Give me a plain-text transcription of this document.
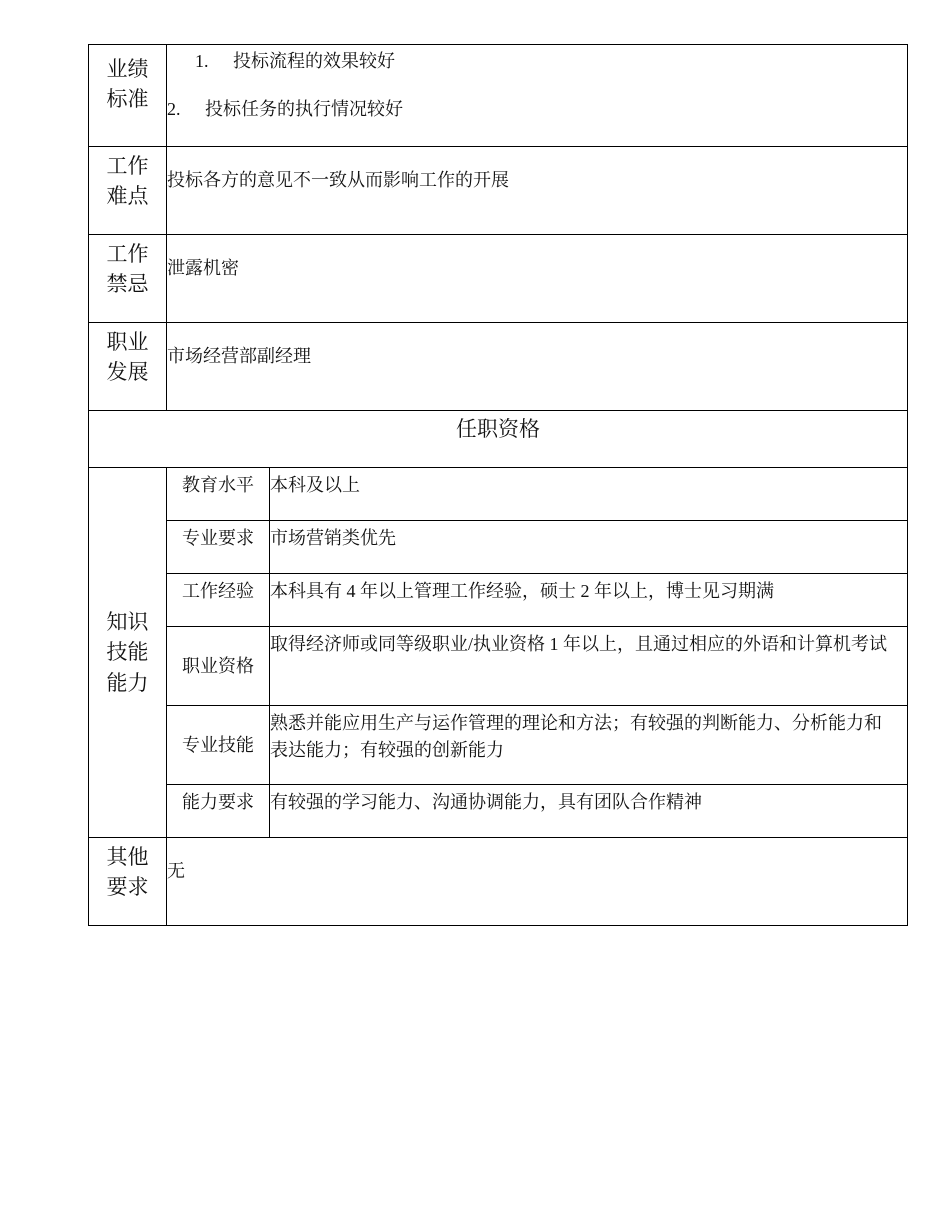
业绩标准	1. 投标流程的效果较好
2. 投标任务的执行情况较好	

工作难点	投标各方的意见不一致从而影响工作的开展	

工作禁忌	泄露机密	

职业发展	市场经营部副经理	
任职资格		

知识技能能力	教育水平	本科及以上
	专业要求	市场营销类优先
	工作经验	本科具有 4 年以上管理工作经验，硕士 2 年以上，博士见习期满
	职业资格	取得经济师或同等级职业/执业资格 1 年以上，且通过相应的外语和计算机考试
	专业技能	熟悉并能应用生产与运作管理的理论和方法；有较强的判断能力、分析能力和表达能力；有较强的创新能力
	能力要求	有较强的学习能力、沟通协调能力，具有团队合作精神

其他要求	无	
